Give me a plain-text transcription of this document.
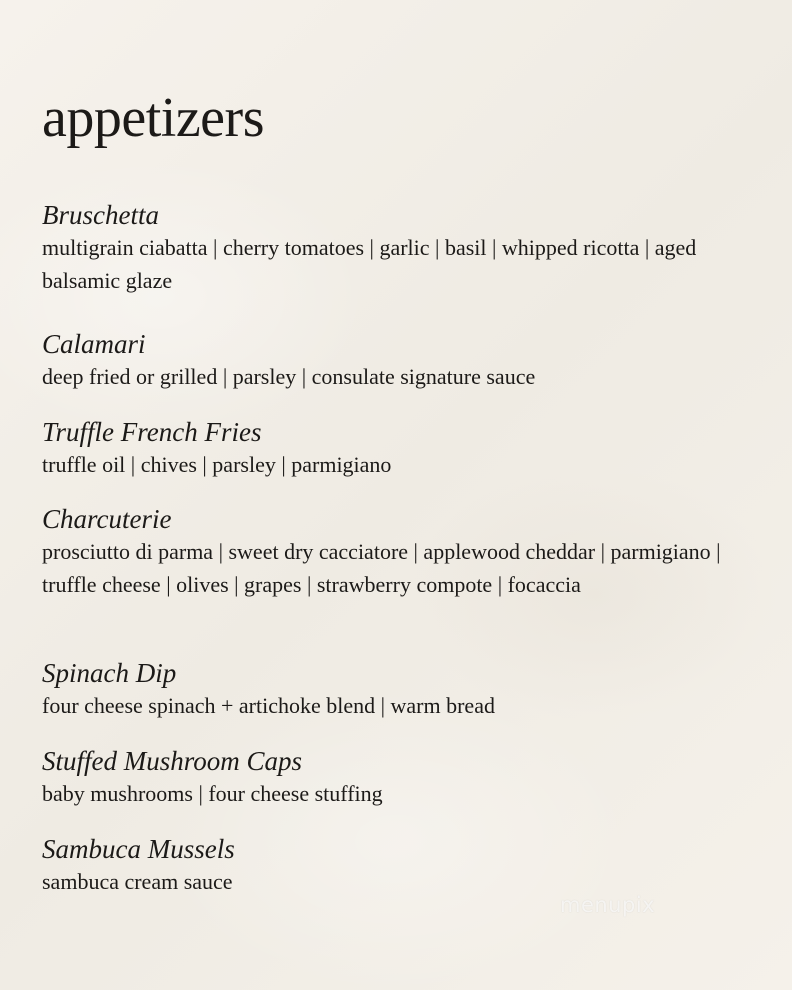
appetizers
Bruschetta
multigrain ciabatta | cherry tomatoes | garlic | basil | whipped ricotta | aged balsamic glaze
Calamari
deep fried or grilled | parsley | consulate signature sauce
Truffle French Fries
truffle oil | chives | parsley | parmigiano
Charcuterie
prosciutto di parma | sweet dry cacciatore | applewood cheddar | parmigiano | truffle cheese | olives | grapes | strawberry compote | focaccia
Spinach Dip
four cheese spinach + artichoke blend | warm bread
Stuffed Mushroom Caps
baby mushrooms | four cheese stuffing
Sambuca Mussels
sambuca cream sauce
menupix
